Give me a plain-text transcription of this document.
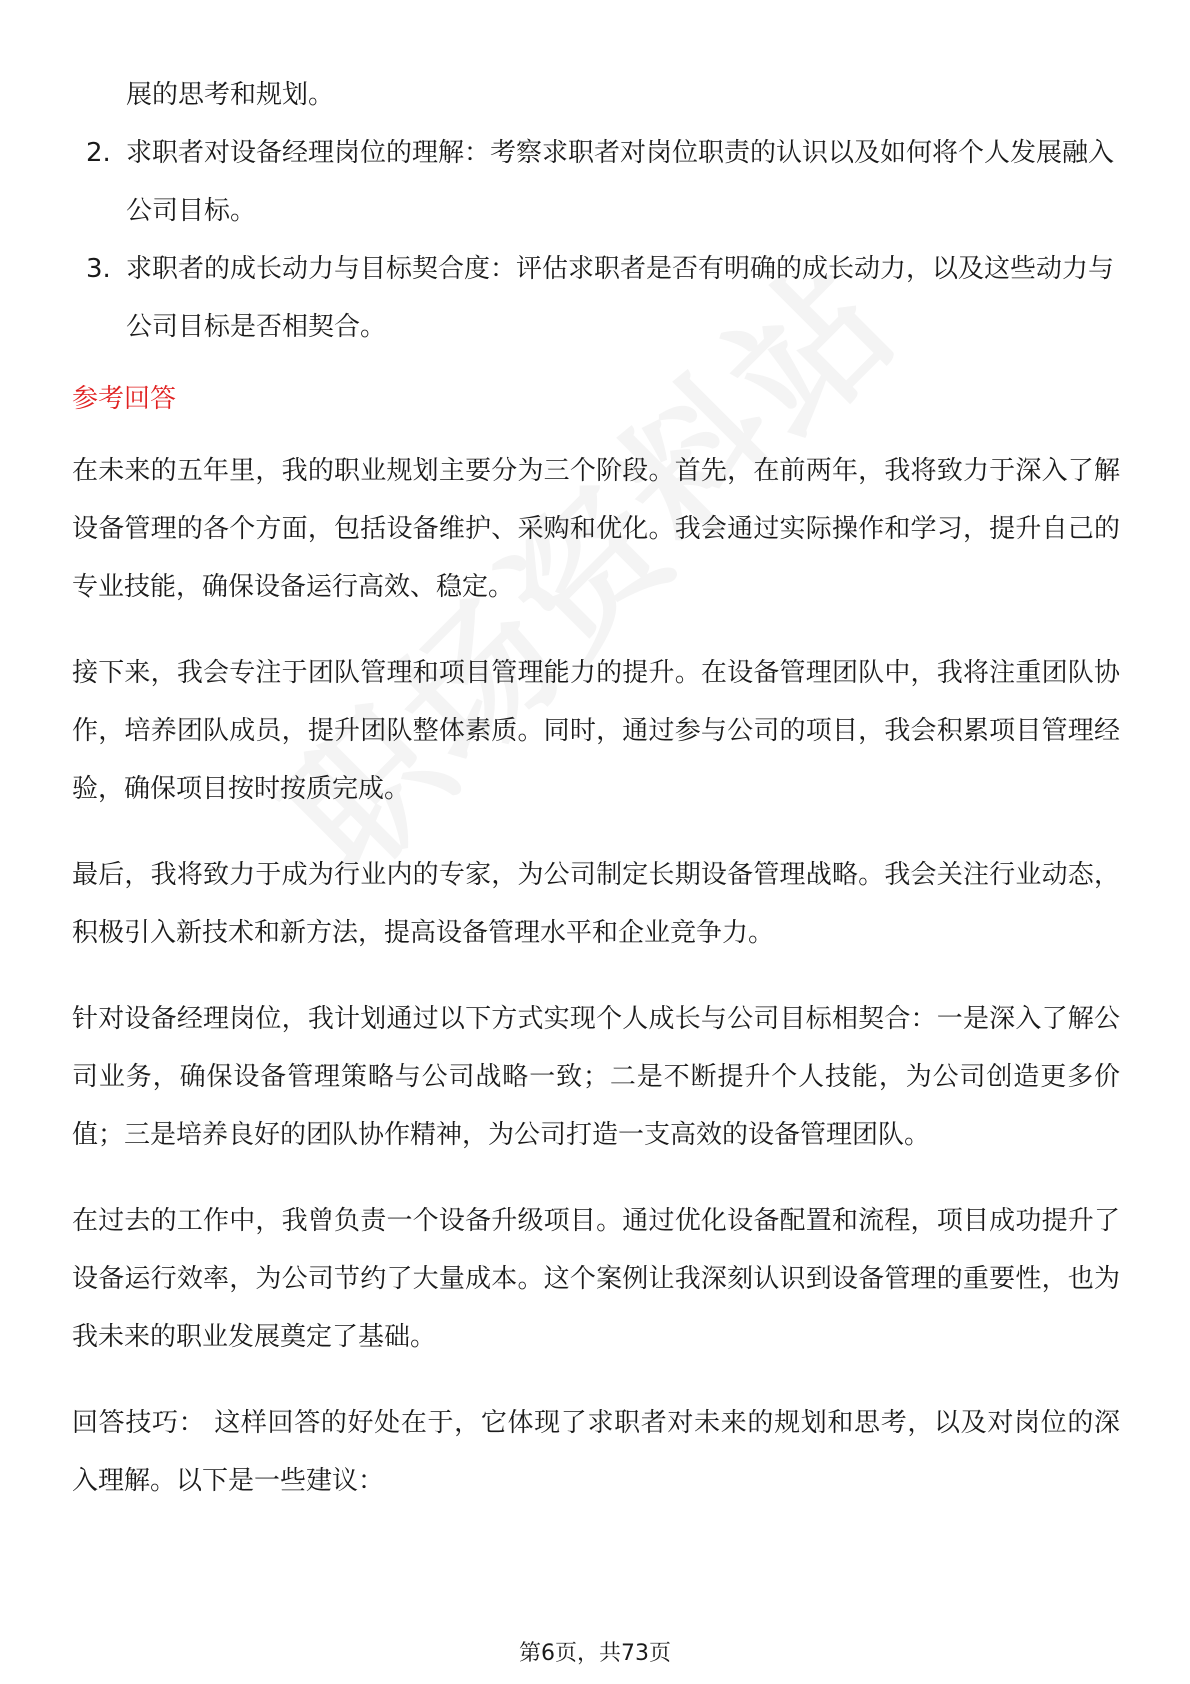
展的思考和规划。
2. 求职者对设备经理岗位的理解：考察求职者对岗位职责的认识以及如何将个人发展融入公司目标。
3. 求职者的成长动力与目标契合度：评估求职者是否有明确的成长动力，以及这些动力与公司目标是否相契合。
参考回答

在未来的五年里，我的职业规划主要分为三个阶段。首先，在前两年，我将致力于深入了解设备管理的各个方面，包括设备维护、采购和优化。我会通过实际操作和学习，提升自己的专业技能，确保设备运行高效、稳定。

接下来，我会专注于团队管理和项目管理能力的提升。在设备管理团队中，我将注重团队协作，培养团队成员，提升团队整体素质。同时，通过参与公司的项目，我会积累项目管理经验，确保项目按时按质完成。

最后，我将致力于成为行业内的专家，为公司制定长期设备管理战略。我会关注行业动态，积极引入新技术和新方法，提高设备管理水平和企业竞争力。

针对设备经理岗位，我计划通过以下方式实现个人成长与公司目标相契合：一是深入了解公司业务，确保设备管理策略与公司战略一致；二是不断提升个人技能，为公司创造更多价值；三是培养良好的团队协作精神，为公司打造一支高效的设备管理团队。

在过去的工作中，我曾负责一个设备升级项目。通过优化设备配置和流程，项目成功提升了设备运行效率，为公司节约了大量成本。这个案例让我深刻认识到设备管理的重要性，也为我未来的职业发展奠定了基础。

回答技巧： 这样回答的好处在于，它体现了求职者对未来的规划和思考，以及对岗位的深入理解。以下是一些建议：

第6页，共73页
